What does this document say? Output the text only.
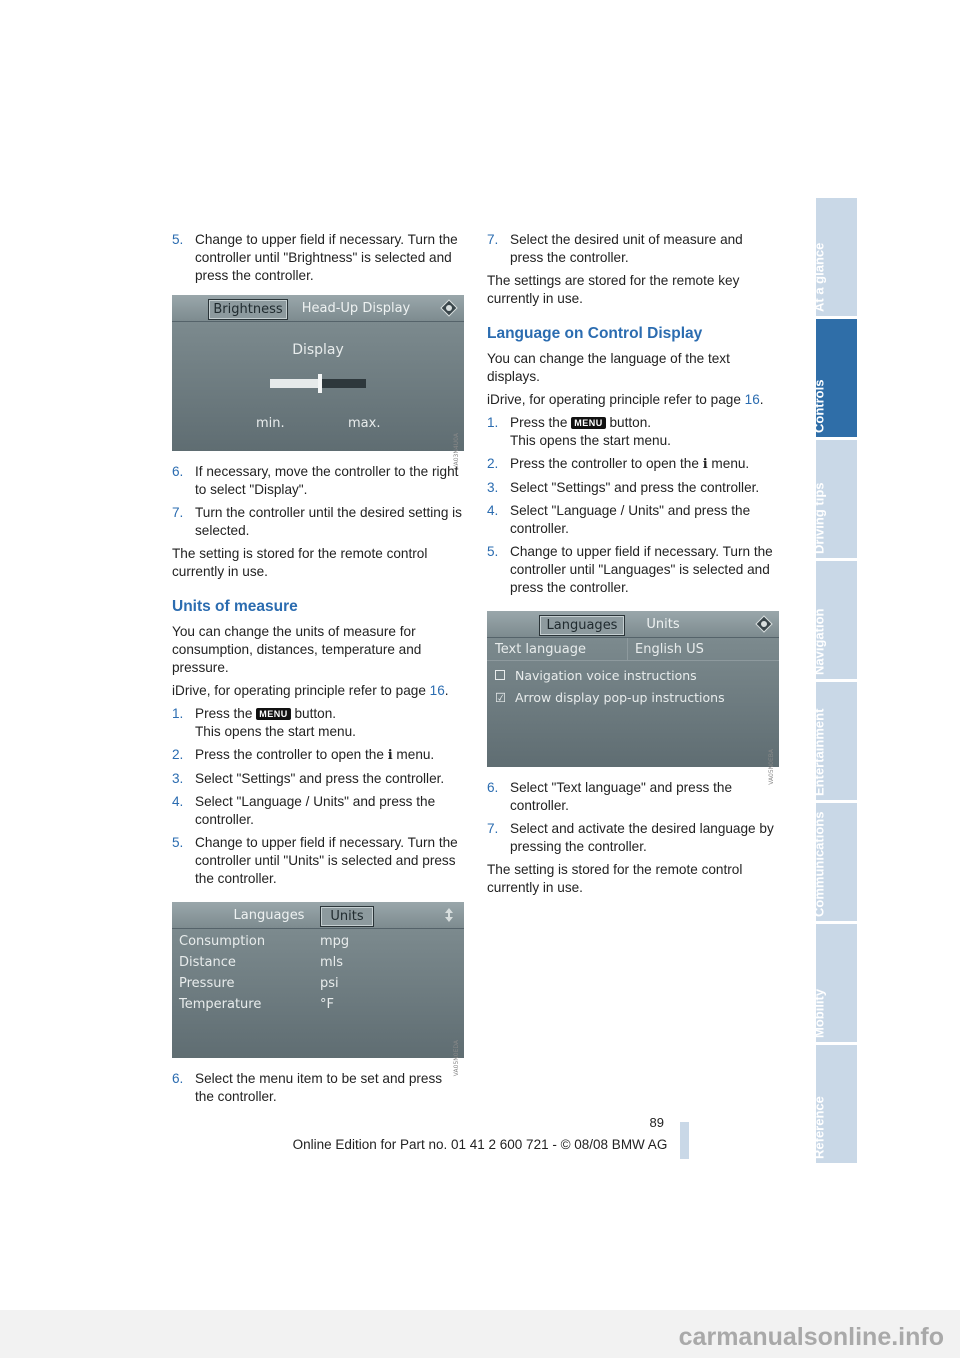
5. Change to upper field if necessary. Turn the controller until "Brightness" is selected and press the controller.
Brightness	Head-Up Display
Display
min.	max.
VA03N4U0A
6. If necessary, move the controller to the right to select "Display".
7. Turn the controller until the desired setting is selected.

The setting is stored for the remote control currently in use.

Units of measure

You can change the units of measure for consumption, distances, temperature and pressure.

iDrive, for operating principle refer to page 16.

1. Press the MENU button.
This opens the start menu.
2. Press the controller to open the i menu.
3. Select "Settings" and press the controller.
4. Select "Language / Units" and press the controller.
5. Change to upper field if necessary. Turn the controller until "Units" is selected and press the controller.
Languages	Units
Consumption	mpg
Distance	mls
Pressure	psi
Temperature	°F
VA05N0EDA
6. Select the menu item to be set and press the controller.
7. Select the desired unit of measure and press the controller.

The settings are stored for the remote key currently in use.

Language on Control Display

You can change the language of the text displays.

iDrive, for operating principle refer to page 16.

1. Press the MENU button.
This opens the start menu.
2. Press the controller to open the i menu.
3. Select "Settings" and press the controller.
4. Select "Language / Units" and press the controller.
5. Change to upper field if necessary. Turn the controller until "Languages" is selected and press the controller.
Languages	Units
Text language	English US
Navigation voice instructions
☑ Arrow display pop-up instructions
VA05N0EBA
6. Select "Text language" and press the controller.
7. Select and activate the desired language by pressing the controller.

The setting is stored for the remote control currently in use.

At a glance
Controls
Driving tips
Navigation
Entertainment
Communications
Mobility
Reference
89
Online Edition for Part no. 01 41 2 600 721 - © 08/08 BMW AG
carmanualsonline.info
